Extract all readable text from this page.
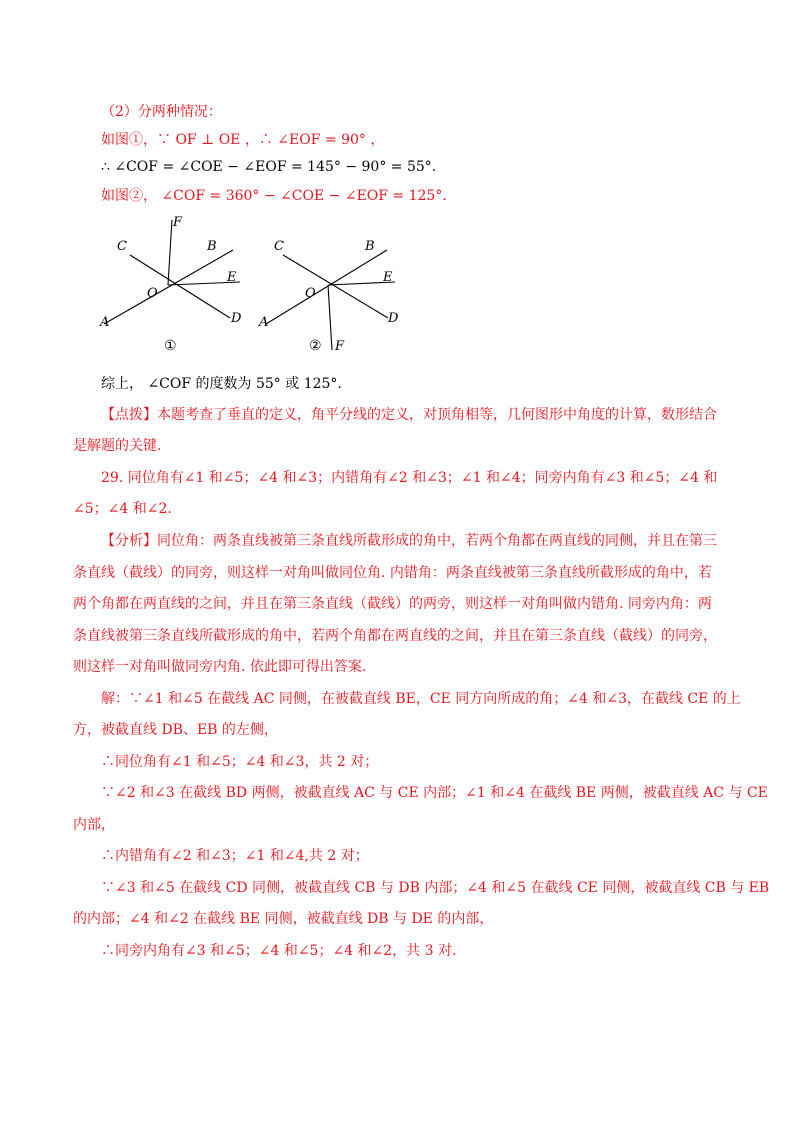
（2）分两种情况：
如图①，∵ OF ⊥ OE ，∴ ∠EOF = 90° ，
∴ ∠COF = ∠COE − ∠EOF = 145° − 90° = 55°.
如图②， ∠COF = 360° − ∠COE − ∠EOF = 125°.
综上， ∠COF 的度数为 55° 或 125°.
【点拨】本题考查了垂直的定义，角平分线的定义，对顶角相等，几何图形中角度的计算，数形结合
是解题的关键.
29. 同位角有∠1 和∠5；∠4 和∠3；内错角有∠2 和∠3；∠1 和∠4；同旁内角有∠3 和∠5；∠4 和
∠5；∠4 和∠2.
【分析】同位角：两条直线被第三条直线所截形成的角中，若两个角都在两直线的同侧，并且在第三
条直线（截线）的同旁，则这样一对角叫做同位角. 内错角：两条直线被第三条直线所截形成的角中，若
两个角都在两直线的之间，并且在第三条直线（截线）的两旁，则这样一对角叫做内错角. 同旁内角：两
条直线被第三条直线所截形成的角中，若两个角都在两直线的之间，并且在第三条直线（截线）的同旁，
则这样一对角叫做同旁内角. 依此即可得出答案.
解：∵∠1 和∠5 在截线 AC 同侧，在被截直线 BE，CE 同方向所成的角；∠4 和∠3，在截线 CE 的上
方，被截直线 DB、EB 的左侧，
∴同位角有∠1 和∠5；∠4 和∠3，共 2 对；
∵∠2 和∠3 在截线 BD 两侧，被截直线 AC 与 CE 内部；∠1 和∠4 在截线 BE 两侧，被截直线 AC 与 CE
内部，
∴内错角有∠2 和∠3；∠1 和∠4,共 2 对；
∵∠3 和∠5 在截线 CD 同侧，被截直线 CB 与 DB 内部；∠4 和∠5 在截线 CE 同侧，被截直线 CB 与 EB
的内部；∠4 和∠2 在截线 BE 同侧，被截直线 DB 与 DE 的内部，
∴同旁内角有∠3 和∠5；∠4 和∠5；∠4 和∠2，共 3 对.
F
C	B
E
O
A	D
①
C	B
E
O
A	D
② F
